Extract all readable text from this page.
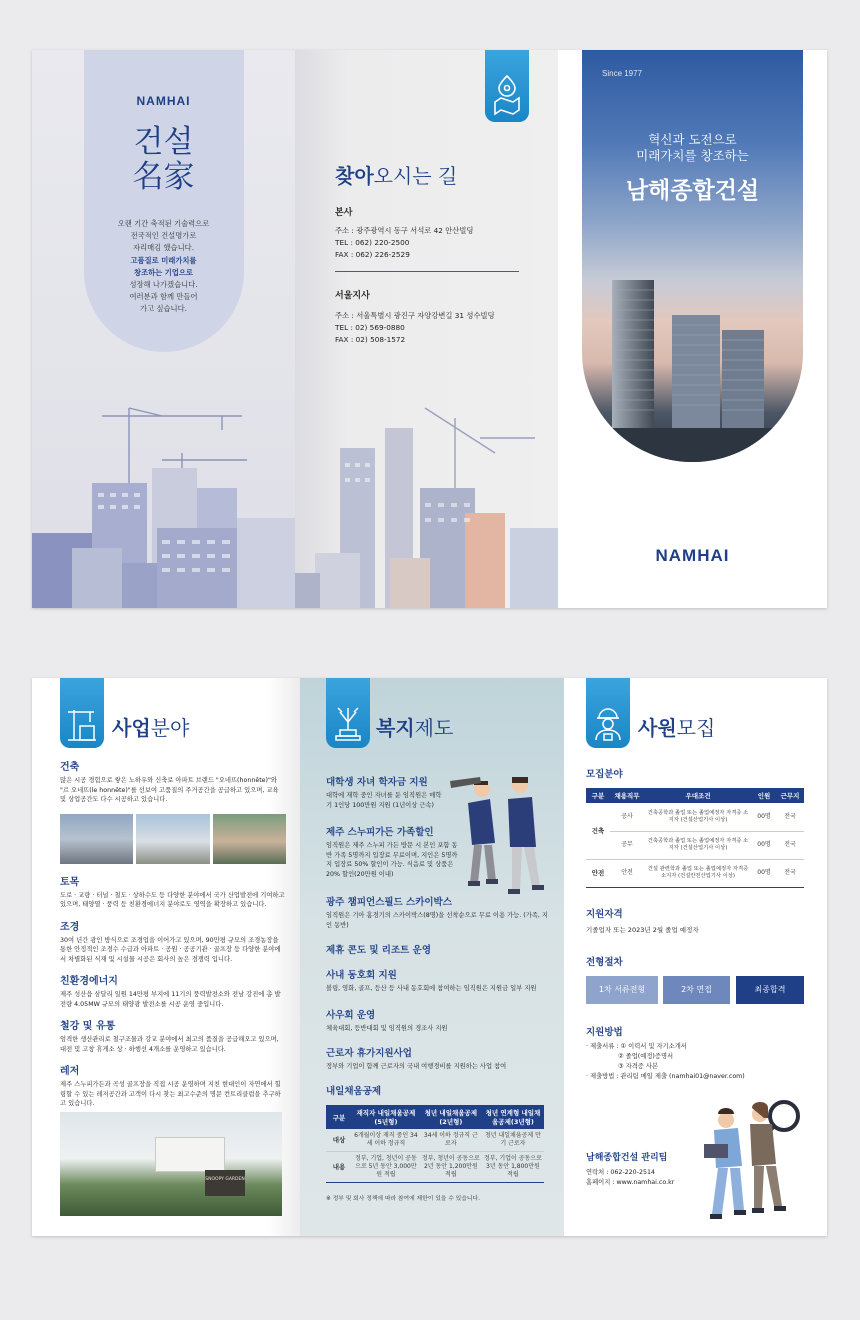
NAMHAI
건설
名家
오랜 기간 축적된 기술력으로
전국적인 건설명가로
자리매김 했습니다.
고품질로 미래가치를
창조하는 기업으로
성장해 나가겠습니다.
여러분과 함께 만들어
가고 싶습니다.
찾아오시는 길
본사
주소 : 광주광역시 동구 서석로 42 안산빌딩
TEL : 062) 220-2500
FAX : 062) 226-2529
서울지사
주소 : 서울특별시 광진구 자양강변길 31 성수빌딩
TEL : 02) 569-0880
FAX : 02) 508-1572
Since 1977
혁신과 도전으로
미래가치를 창조하는
남해종합건설
NAMHAI
사업분야
건축
많은 시공 경험으로 쌓은 노하우와 신축로 아파트 브랜드 "오네뜨(honnête)"와 "르 오네뜨(le honnête)"를 선보여 고품질의 주거공간을 공급하고 있으며, 교육 및 상업공간도 다수 시공하고 있습니다.
토목
도로 · 교량 · 터널 · 철도 · 상하수도 등 다양한 분야에서 국가 산업발전에 기여하고 있으며, 태양열 · 풍력 등 친환경에너지 분야로도 영역을 확장하고 있습니다.
조경
30여 년간 광인 방식으로 조경업을 이어가고 있으며, 90만평 규모의 조경농장을 통한 안정적인 조경수 수급과 아파트 · 공원 · 공공기관 · 골프장 등 다양한 분야에서 차별화된 식재 및 시설물 시공은 회사의 높은 경쟁력 입니다.
친환경에너지
제주 성산읍 삼달리 일원 14만평 부지에 11기의 풍력발전소와 전남 강진에 총 발전량 4.05MW 규모의 태양광 발전소를 시공 운영 중입니다.
철강 및 유통
엄격한 생산관리로 철구조물과 강교 분야에서 최고의 품질을 공급해오고 있으며, 대전 및 고창 휴게소 상 · 하행선 4개소를 운영하고 있습니다.
레저
제주 스누피가든과 곡성 골프장을 직접 시공 운영하며 지친 현대인이 자연에서 힐링할 수 있는 레저공간과 고객이 다시 찾는 최고수준의 명문 컨트리클럽을 추구하고 있습니다.
SNOOPY GARDEN
복지제도
대학생 자녀 학자금 지원
대학에 재학 중인 자녀를 둔 임직원은 매학기 1인당 100만원 지원 (1년이상 근속)
제주 스누피가든 가족할인
임직원은 제주 스누피 가든 방문 시 본인 포함 동반 가족 5명까지 입장료 무료이며, 지인은 5명까지 입장료 50% 할인이 가능. 식음료 및 상품은 20% 할인(20만원 이내)
광주 챔피언스필드 스카이박스
임직원은 기아 홈경기의 스카이박스(8명)을 선착순으로 무료 이용 가능. (가족, 지인 동반)
제휴 콘도 및 리조트 운영
사내 동호회 지원
볼링, 영화, 골프, 등산 등 사내 동호회에 참여하는 임직원은 지원금 일부 지원
사우회 운영
체육대회, 등반대회 및 임직원의 경조사 지원
근로자 휴가지원사업
정부와 기업이 함께 근로자의 국내 여행경비를 지원하는 사업 참여
내일채움공제
구분	재직자 내일채움공제(5년형)	청년 내일채움공제(2년형)	청년 연계형 내일채움공제(3년형)
대상	6개월이상 재직 중인 34세 이하 정규직	34세 이하 정규직 근로자	청년 내일채움공제 만기 근로자
내용	정부, 기업, 청년이 공동으로 5년 동안 3,000만원 적립	정부, 청년이 공동으로 2년 동안 1,200만원 적립	정부, 기업이 공동으로 3년 동안 1,800만원 적립
※ 정부 및 회사 정책에 따라 참여에 제한이 있을 수 있습니다.
사원모집
모집분야
구분	채용직무	우대조건	인원	근무지
건축	공사	건축공학과 졸업 또는 졸업예정자 자격증 소지자 (건설산업기사 이상)	00명	전국
	공무	건축공학과 졸업 또는 졸업예정자 자격증 소지자 (건설산업기사 이상)	00명	전국
안전	안전	건설 관련학과 졸업 또는 졸업예정자 자격증 소지자 (건설안전산업기사 이상)	00명	전국
지원자격
기졸업자 또는 2023년 2월 졸업 예정자
전형절차
1차 서류전형	2차 면접	최종합격
지원방법
· 제출서류 : ① 이력서 및 자기소개서
② 졸업(예정)증명서
③ 자격증 사본
· 제출방법 : 관리팀 메일 제출 (namhai01@naver.com)
남해종합건설 관리팀
연락처 : 062-220-2514
홈페이지 : www.namhai.co.kr
